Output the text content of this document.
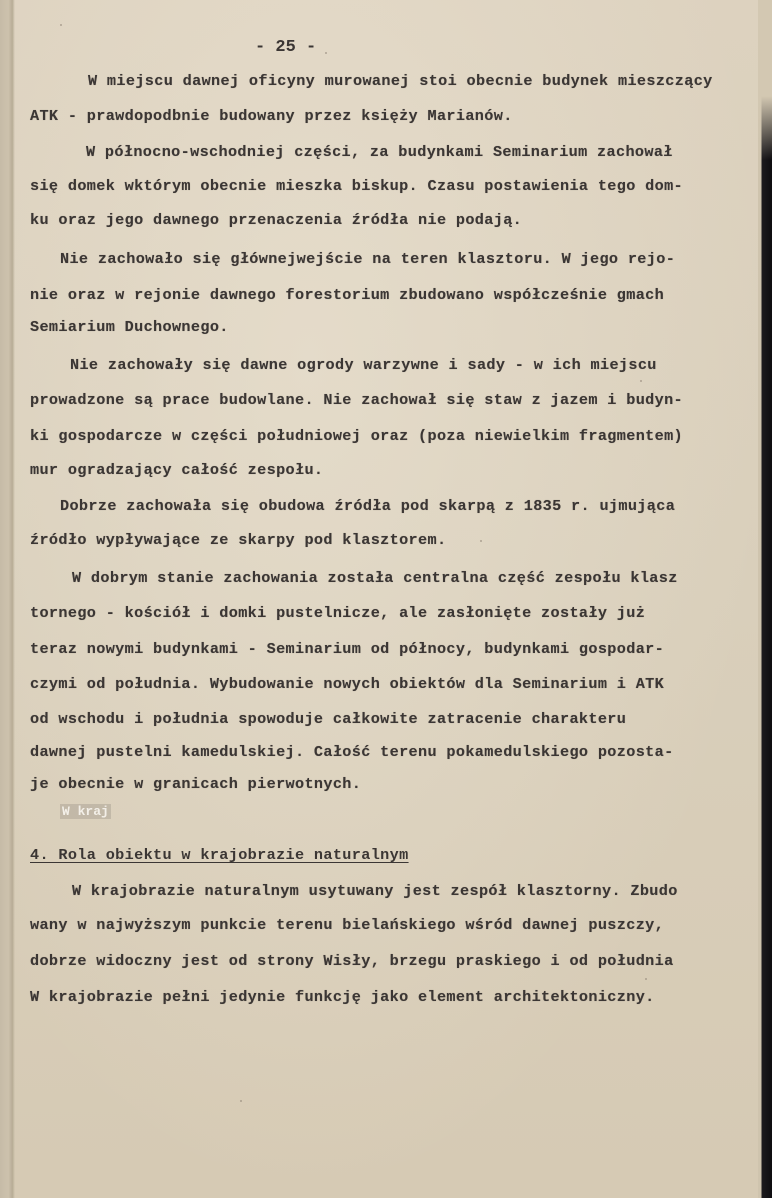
- 25 -
W miejscu dawnej oficyny murowanej stoi obecnie budynek mieszczący
ATK - prawdopodbnie budowany przez księży Marianów.
W północno-wschodniej części, za budynkami Seminarium zachował
się domek wktórym obecnie mieszka biskup. Czasu postawienia tego dom-
ku oraz jego dawnego przenaczenia źródła nie podają.
Nie zachowało się głównejwejście na teren klasztoru. W jego rejo-
nie oraz w rejonie dawnego forestorium zbudowano współcześnie gmach
Semiarium Duchownego.
Nie zachowały się dawne ogrody warzywne i sady - w ich miejscu
prowadzone są prace budowlane. Nie zachował się staw z jazem i budyn-
ki gospodarcze w części południowej oraz (poza niewielkim fragmentem)
mur ogradzający całość zespołu.
Dobrze zachowała się obudowa źródła pod skarpą z 1835 r. ujmująca
źródło wypływające ze skarpy pod klasztorem.
W dobrym stanie zachowania została centralna część zespołu klasz
tornego - kościół i domki pustelnicze, ale zasłonięte zostały już
teraz nowymi budynkami - Seminarium od północy, budynkami gospodar-
czymi od południa. Wybudowanie nowych obiektów dla Seminarium i ATK
od wschodu i południa spowoduje całkowite zatracenie charakteru
dawnej pustelni kamedulskiej. Całość terenu pokamedulskiego pozosta-
je obecnie w granicach pierwotnych.
W kraj
4. Rola obiektu w krajobrazie naturalnym
W krajobrazie naturalnym usytuwany jest zespół klasztorny. Zbudo
wany w najwyższym punkcie terenu bielańskiego wśród dawnej puszczy,
dobrze widoczny jest od strony Wisły, brzegu praskiego i od południa
W krajobrazie pełni jedynie funkcję jako element architektoniczny.
